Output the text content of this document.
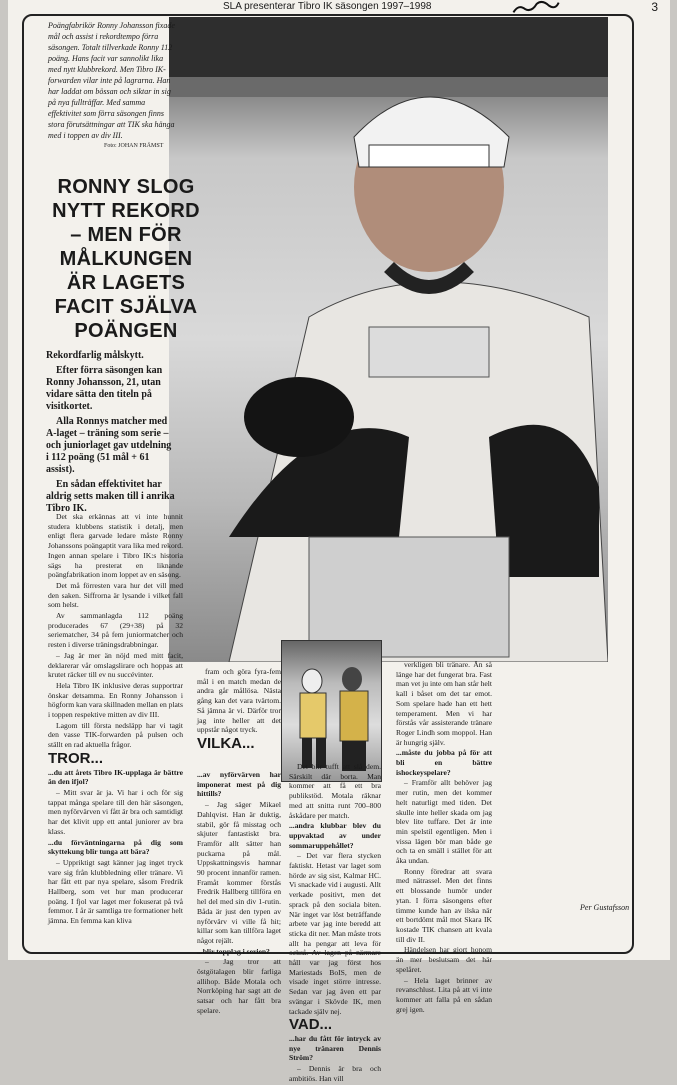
SLA presenterar Tibro IK säsongen 1997–1998	3
Poängfabrikör Ronny Johansson fixade mål och assist i rekordtempo förra säsongen. Totalt tillverkade Ronny 112 poäng. Hans facit var sannolikt lika med nytt klubbrekord. Men Tibro IK-forwarden vilar inte på lagrarna. Han har laddat om bössan och siktar in sig på nya fullträffar. Med samma effektivitet som förra säsongen finns stora förutsättningar att TIK ska hänga med i toppen av div III.
Foto: JOHAN FRÄMST
RONNY SLOG NYTT REKORD – MEN FÖR MÅLKUNGEN ÄR LAGETS FACIT SJÄLVA POÄNGEN

Rekordfarlig målskytt.

Efter förra säsongen kan Ronny Johansson, 21, utan vidare sätta den titeln på visitkortet.

Alla Ronnys matcher med A-laget – träning som serie – och juniorlaget gav utdelning i 112 poäng (51 mål + 61 assist).

En sådan effektivitet har aldrig setts maken till i anrika Tibro IK.

Det ska erkännas att vi inte hunnit studera klubbens statistik i detalj, men enligt flera garvade ledare måste Ronny Johanssons poängaptit vara lika med rekord. Ingen annan spelare i Tibro IK:s historia sägs ha presterat en liknande poängfabrikation inom loppet av en säsong.

Det må förresten vara hur det vill med den saken. Siffrorna är lysande i vilket fall som helst.

Av sammanlagda 112 poäng producerades 67 (29+38) på 32 seriematcher, 34 på fem juniormatcher och resten i diverse träningsdrabbningar.

– Jag är mer än nöjd med mitt facit, deklarerar vår omslagslirare och hoppas att krutet räcker till ev nu succévinter.

Hela Tibro IK inklusive deras supportrar önskar detsamma. En Ronny Johansson i högform kan vara skillnaden mellan en plats i toppen respektive mitten av div III.

Lagom till första nedsläpp har vi tagit den vasse TIK-forwarden på pulsen och ställt en rad aktuella frågor.

TROR...

...du att årets Tibro IK-upplaga är bättre än den ifjol?

– Mitt svar är ja. Vi har i och för sig tappat många spelare till den här säsongen, men nyförvärven vi fått är bra och samtidigt har det klivit upp ett antal juniorer av bra klass.

...du förväntningarna på dig som skyttekung blir tunga att bära?

– Uppriktigt sagt känner jag inget tryck vare sig från klubbledning eller tränare. Vi har fått ett par nya spelare, såsom Fredrik Hallberg, som vet hur man producerar poäng. I fjol var laget mer fokuserat på två femmor. I år är samtliga tre formationer helt jämna. En femma kan kliva

fram och göra fyra-fem mål i en match medan de andra går mållösa. Nästa gång kan det vara tvärtom. Så jämna är vi. Därför tror jag inte heller att det uppstår något tryck.

VILKA...

...av nyförvärven har imponerat mest på dig hittills?

– Jag säger Mikael Dahlqvist. Han är duktig, stabil, gör få misstag och skjuter fantastiskt bra. Framför allt sätter han puckarna på mål. Uppskattningsvis hamnar 90 procent innanför ramen. Framåt kommer förstås Fredrik Hallberg tillföra en hel del med sin div 1-rutin. Båda är just den typen av nyförvärv vi ville få hit; killar som kan tillföra laget något rejält.

...blir topplag i serien?

– Jag tror att östgötalagen blir farliga allihop. Både Motala och Norrköping har sagt att de satsar och har fått bra spelare.

Det blir tufft att slå dem. Särskilt där borta. Man kommer att få ett bra publikstöd. Motala räknar med att snitta runt 700–800 åskådare per match.

...andra klubbar blev du uppvaktad av under sommaruppehållet?

– Det var flera stycken faktiskt. Hetast var laget som hörde av sig sist, Kalmar HC. Vi snackade vid i augusti. Allt verkade positivt, men det sprack på den sociala biten. När inget var löst beträffande arbete var jag inte beredd att sticka dit ner. Man måste trots allt ha pengar att leva för också. Av lagen på närmare håll var jag först hos Mariestads BoIS, men de visade inget större intresse. Sedan var jag även ett par svängar i Skövde IK, men tackade själv nej.

VAD...

...har du fått för intryck av nye tränaren Dennis Ström?

– Dennis är bra och ambitiös. Han vill

verkligen bli tränare. Än så länge har det fungerat bra. Fast man vet ju inte om han står helt kall i båset om det tar emot. Som spelare hade han ett hett temperament. Men vi har förstås vår assisterande tränare Roger Lindh som moppol. Han är hungrig själv.

...måste du jobba på för att bli en bättre ishockeyspelare?

– Framför allt behöver jag mer rutin, men det kommer helt naturligt med tiden. Det skulle inte heller skada om jag blev lite tuffare. Det är inte min spelstil egentligen. Men i vissa lägen bör man både ge och ta en smäll i stället för att åka undan.

Ronny föredrar att svara med nätrassel. Men det finns ett blossande humör under ytan. I förra säsongens efter timme kunde han av ilska när ett bortdömt mål mot Skara IK kostade TIK chansen att kvala till div II.

Händelsen har gjort honom än mer beslutsam det här spelåret.

– Hela laget brinner av revanschlust. Lita på att vi inte kommer att falla på en sådan grej igen.

Per Gustafsson
